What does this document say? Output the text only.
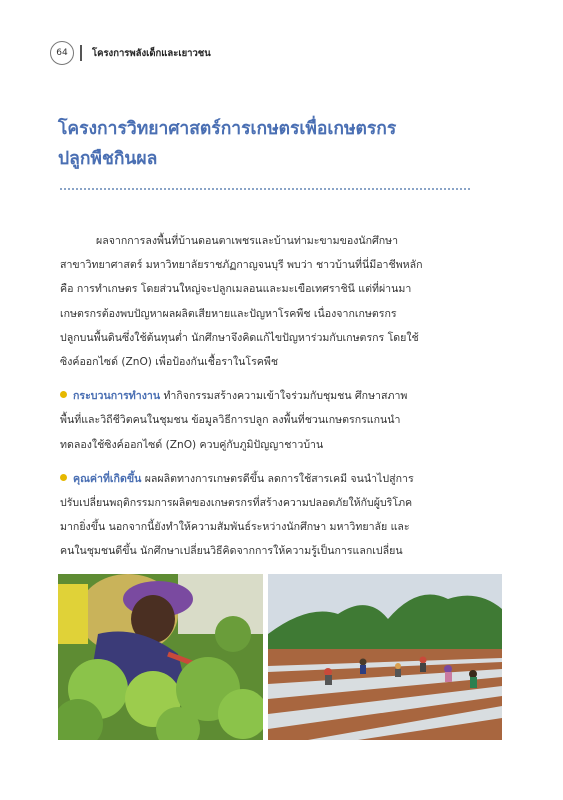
64	โครงการพลังเด็กและเยาวชน
โครงการวิทยาศาสตร์การเกษตรเพื่อเกษตรกร
ปลูกพืชกินผล
ผลจากการลงพื้นที่บ้านดอนตาเพชรและบ้านท่ามะขามของนักศึกษา
สาขาวิทยาศาสตร์ มหาวิทยาลัยราชภัฏกาญจนบุรี พบว่า ชาวบ้านที่นี่มีอาชีพหลัก
คือ การทำเกษตร โดยส่วนใหญ่จะปลูกเมลอนและมะเขือเทศราชินี แต่ที่ผ่านมา
เกษตรกรต้องพบปัญหาผลผลิตเสียหายและปัญหาโรคพืช เนื่องจากเกษตรกร
ปลูกบนพื้นดินซึ่งใช้ต้นทุนต่ำ นักศึกษาจึงคิดแก้ไขปัญหาร่วมกับเกษตรกร โดยใช้
ซิงค์ออกไซด์ (ZnO) เพื่อป้องกันเชื้อราในโรคพืช
กระบวนการทำงาน ทำกิจกรรมสร้างความเข้าใจร่วมกับชุมชน ศึกษาสภาพ
พื้นที่และวิถีชีวิตคนในชุมชน ข้อมูลวิธีการปลูก ลงพื้นที่ชวนเกษตรกรแกนนำ
ทดลองใช้ซิงค์ออกไซด์ (ZnO) ควบคู่กับภูมิปัญญาชาวบ้าน
คุณค่าที่เกิดขึ้น ผลผลิตทางการเกษตรดีขึ้น ลดการใช้สารเคมี จนนำไปสู่การ
ปรับเปลี่ยนพฤติกรรมการผลิตของเกษตรกรที่สร้างความปลอดภัยให้กับผู้บริโภค
มากยิ่งขึ้น นอกจากนี้ยังทำให้ความสัมพันธ์ระหว่างนักศึกษา มหาวิทยาลัย และ
คนในชุมชนดีขึ้น นักศึกษาเปลี่ยนวิธีคิดจากการให้ความรู้เป็นการแลกเปลี่ยน
